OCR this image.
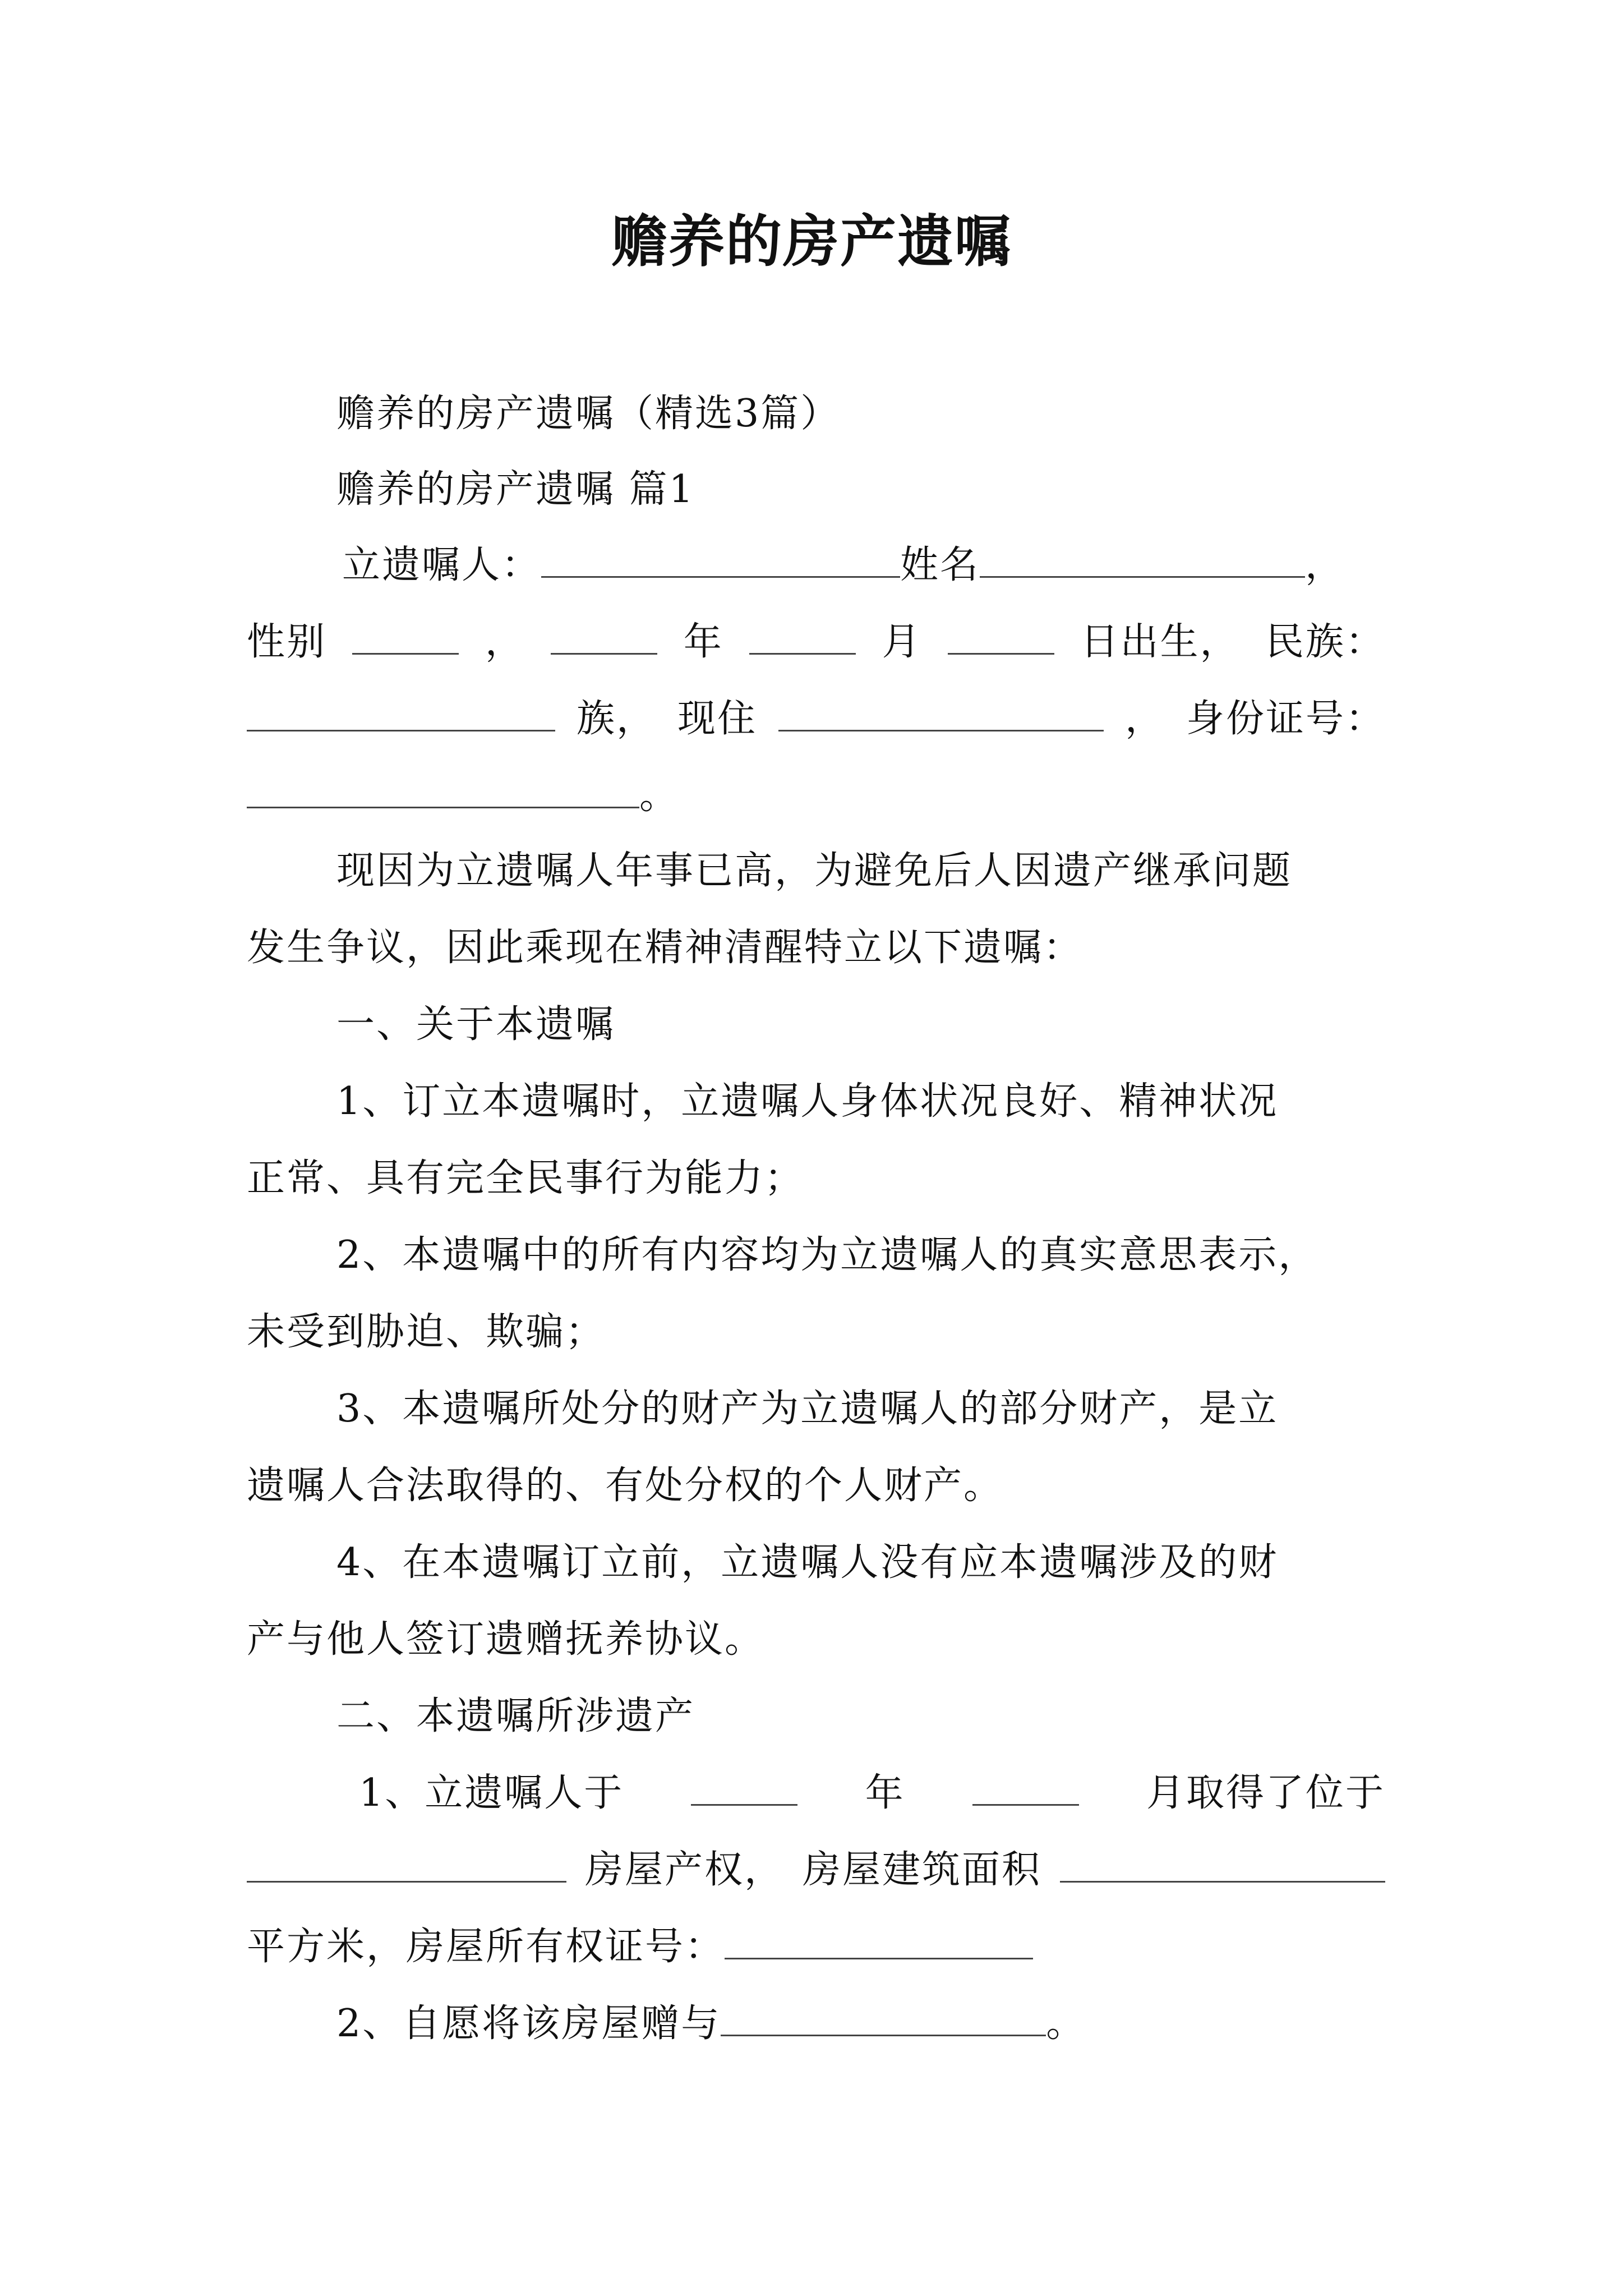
赡养的房产遗嘱
赡养的房产遗嘱（精选3篇）
赡养的房产遗嘱 篇1
立遗嘱人：	姓名	，
性别	，	年	月	日出生， 民族：
族， 现住	， 身份证号：
。
现因为立遗嘱人年事已高，为避免后人因遗产继承问题
发生争议，因此乘现在精神清醒特立以下遗嘱：
一、关于本遗嘱
1、订立本遗嘱时，立遗嘱人身体状况良好、精神状况
正常、具有完全民事行为能力；
2、本遗嘱中的所有内容均为立遗嘱人的真实意思表示，
未受到胁迫、欺骗；
3、本遗嘱所处分的财产为立遗嘱人的部分财产，是立
遗嘱人合法取得的、有处分权的个人财产。
4、在本遗嘱订立前，立遗嘱人没有应本遗嘱涉及的财
产与他人签订遗赠抚养协议。
二、本遗嘱所涉遗产
1、立遗嘱人于	年	月取得了位于
房屋产权， 房屋建筑面积
平方米，房屋所有权证号：
2、自愿将该房屋赠与	。
